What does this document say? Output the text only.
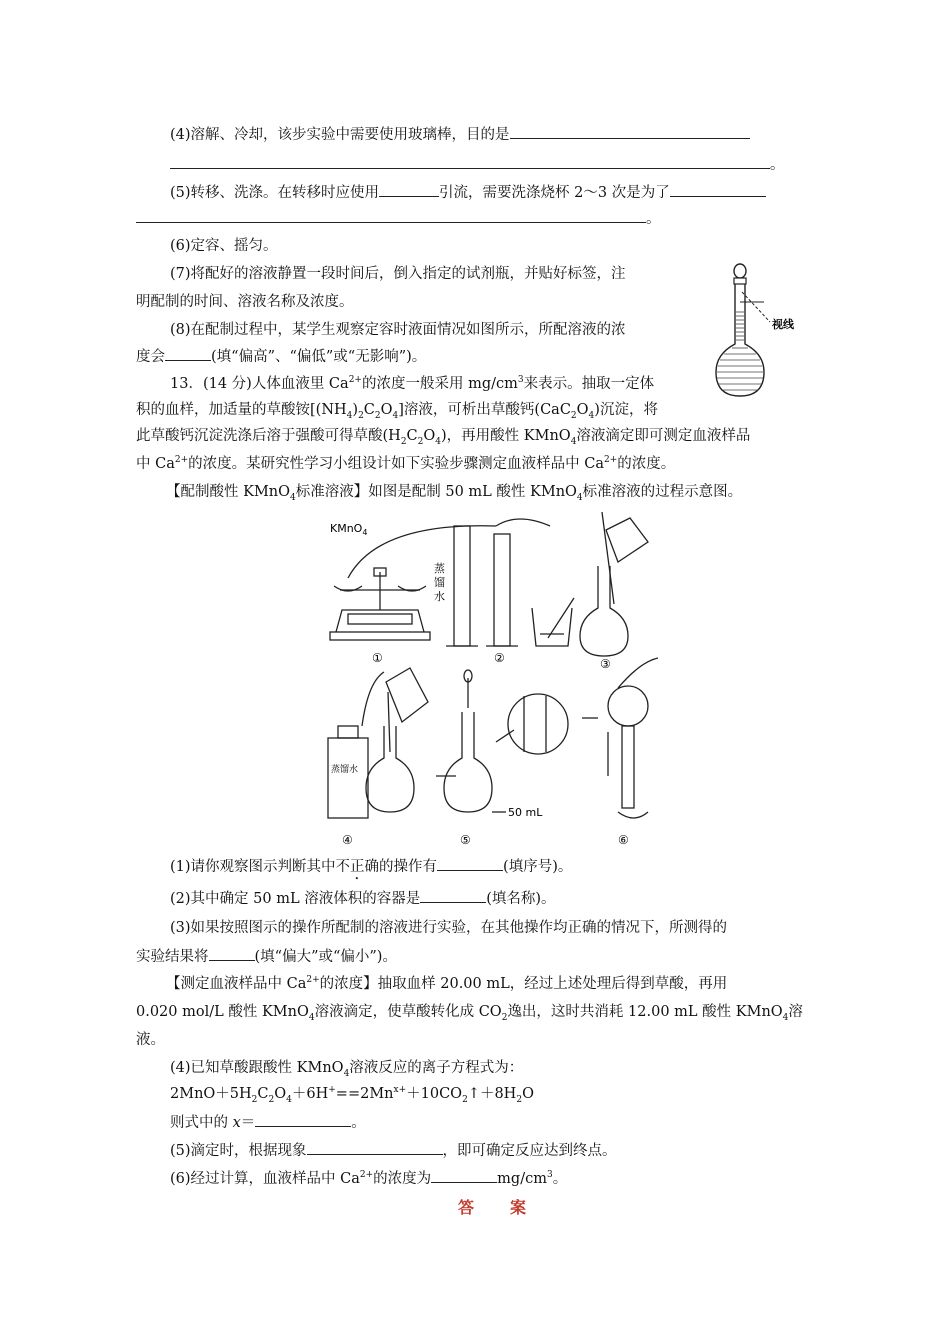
(4)溶解、冷却，该步实验中需要使用玻璃棒，目的是
。
(5)转移、洗涤。在转移时应使用	引流，需要洗涤烧杯 2～3 次是为了
。
(6)定容、摇匀。
(7)将配好的溶液静置一段时间后，倒入指定的试剂瓶，并贴好标签，注
明配制的时间、溶液名称及浓度。
(8)在配制过程中，某学生观察定容时液面情况如图所示，所配溶液的浓
度会	(填“偏高”、“偏低”或“无影响”)。
视线
13．(14 分)人体血液里 $Ca^{2+}$的浓度一般采用 $mg/cm^3$来表示。抽取一定体
积的血样，加适量的草酸铵$[(NH_4)_2C_2O_4]$溶液，可析出草酸钙$(CaC_2O_4)$沉淀，将
此草酸钙沉淀洗涤后溶于强酸可得草酸$(H_2C_2O_4)$，再用酸性 KMnO$_4$溶液滴定即可测定血液样品
中 $Ca^{2+}$的浓度。某研究性学习小组设计如下实验步骤测定血液样品中 $Ca^{2+}$的浓度。
【配制酸性 KMnO$_4$标准溶液】如图是配制 50 mL 酸性 KMnO$_4$标准溶液的过程示意图。
KMnO$_4$
蒸
馏
水
蒸馏水
50 mL
①	②	③
④	⑤	⑥
(1)请你观察图示判断其中不正确的操作有	(填序号)。
(2)其中确定 50 mL 溶液体积的容器是	(填名称)。
(3)如果按照图示的操作所配制的溶液进行实验，在其他操作均正确的情况下，所测得的
实验结果将	(填“偏大”或“偏小”)。
【测定血液样品中 $Ca^{2+}$的浓度】抽取血样 20.00 mL，经过上述处理后得到草酸，再用
0.020 mol/L 酸性 KMnO$_4$溶液滴定，使草酸转化成 $CO_2$逸出，这时共消耗 12.00 mL 酸性 KMnO$_4$溶
液。
(4)已知草酸跟酸性 KMnO$_4$溶液反应的离子方程式为：
$2MnO+5H_2C_2O_4+6H^+==2Mn^{x+}+10CO_2↑+8H_2O$
则式中的 x＝	。
(5)滴定时，根据现象	，即可确定反应达到终点。
(6)经过计算，血液样品中 $Ca^{2+}$的浓度为	$mg/cm^3$。
答案
